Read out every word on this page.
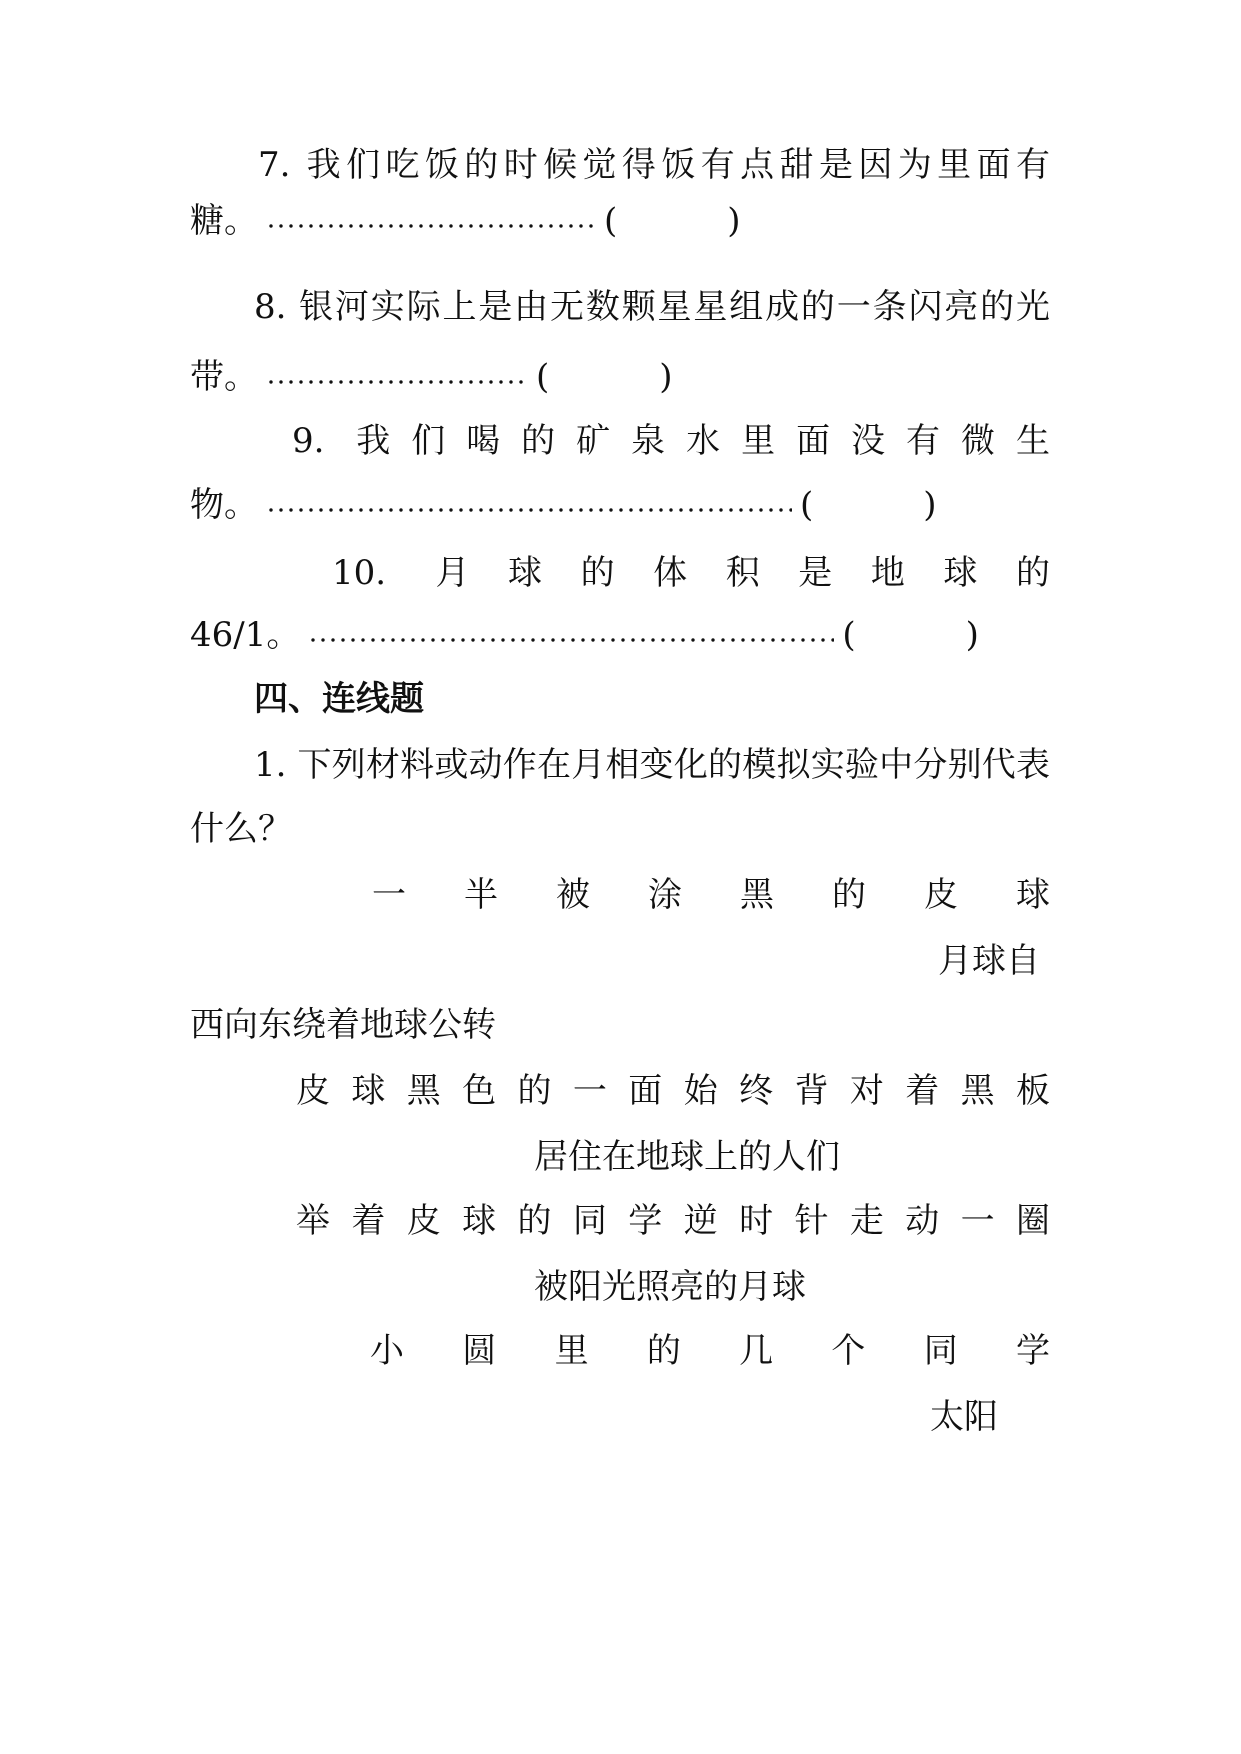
7. 我们吃饭的时候觉得饭有点甜是因为里面有
糖。	(	)
8. 银河实际上是由无数颗星星组成的一条闪亮的光
带。	(	)
9. 我们喝的矿泉水里面没有微生
物。	(	)
10. 月球的体积是地球的
46/1。	(	)
四、连线题
1. 下列材料或动作在月相变化的模拟实验中分别代表
什么？
一半被涂黑的皮球
月球自
西向东绕着地球公转
皮球黑色的一面始终背对着黑板
居住在地球上的人们
举着皮球的同学逆时针走动一圈
被阳光照亮的月球
小圆里的几个同学
太阳
